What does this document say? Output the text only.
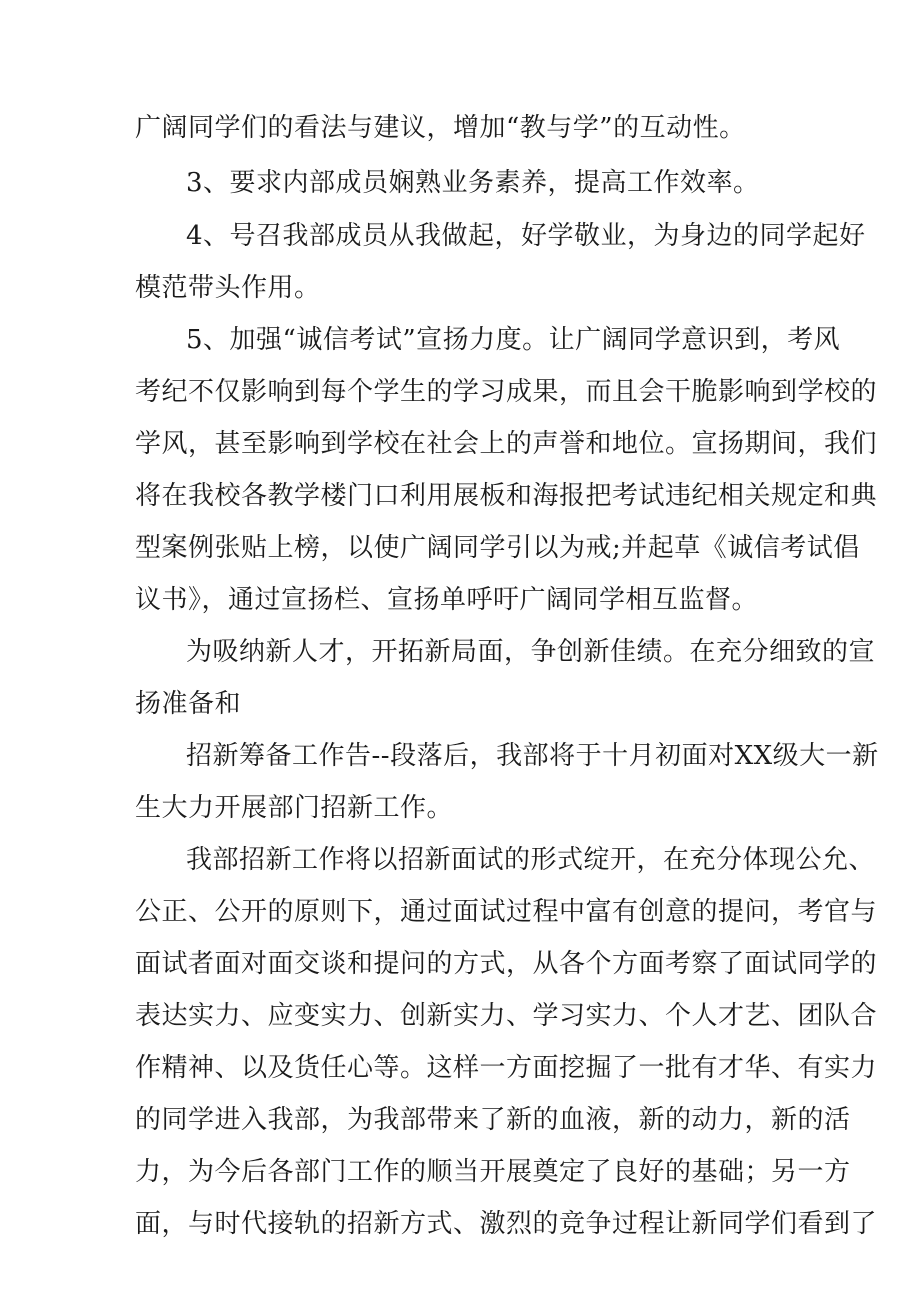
广阔同学们的看法与建议，增加“教与学”的互动性。
3、要求内部成员娴熟业务素养，提高工作效率。
4、号召我部成员从我做起，好学敬业，为身边的同学起好
模范带头作用。
5、加强“诚信考试”宣扬力度。让广阔同学意识到，考风
考纪不仅影响到每个学生的学习成果，而且会干脆影响到学校的
学风，甚至影响到学校在社会上的声誉和地位。宣扬期间，我们
将在我校各教学楼门口利用展板和海报把考试违纪相关规定和典
型案例张贴上榜，以使广阔同学引以为戒;并起草《诚信考试倡
议书》，通过宣扬栏、宣扬单呼吁广阔同学相互监督。
为吸纳新人才，开拓新局面，争创新佳绩。在充分细致的宣
扬准备和
招新筹备工作告--段落后，我部将于十月初面对XX级大一新
生大力开展部门招新工作。
我部招新工作将以招新面试的形式绽开，在充分体现公允、
公正、公开的原则下，通过面试过程中富有创意的提问，考官与
面试者面对面交谈和提问的方式，从各个方面考察了面试同学的
表达实力、应变实力、创新实力、学习实力、个人才艺、团队合
作精神、以及货任心等。这样一方面挖掘了一批有才华、有实力
的同学进入我部，为我部带来了新的血液，新的动力，新的活
力，为今后各部门工作的顺当开展奠定了良好的基础；另一方
面，与时代接轨的招新方式、激烈的竞争过程让新同学们看到了
